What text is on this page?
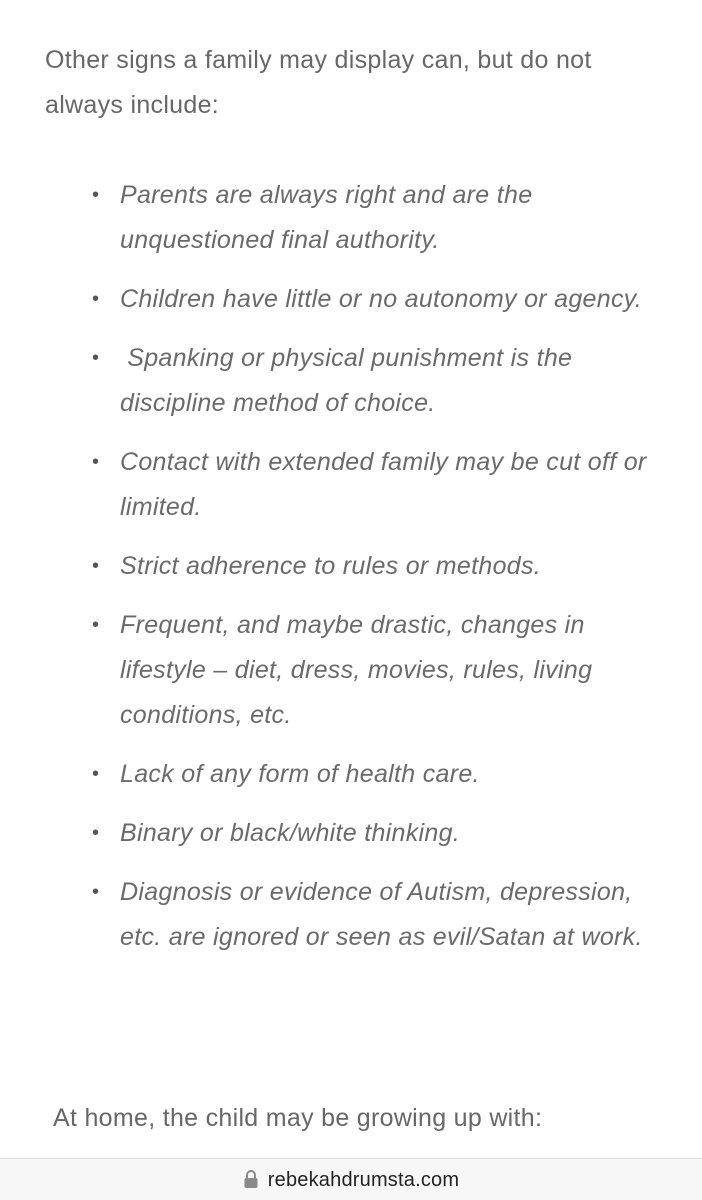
Other signs a family may display can, but do not always include:

• Parents are always right and are the unquestioned final authority.
• Children have little or no autonomy or agency.
• Spanking or physical punishment is the discipline method of choice.
• Contact with extended family may be cut off or limited.
• Strict adherence to rules or methods.
• Frequent, and maybe drastic, changes in lifestyle – diet, dress, movies, rules, living conditions, etc.
• Lack of any form of health care.
• Binary or black/white thinking.
• Diagnosis or evidence of Autism, depression, etc. are ignored or seen as evil/Satan at work.

At home, the child may be growing up with:

rebekahdrumsta.com
